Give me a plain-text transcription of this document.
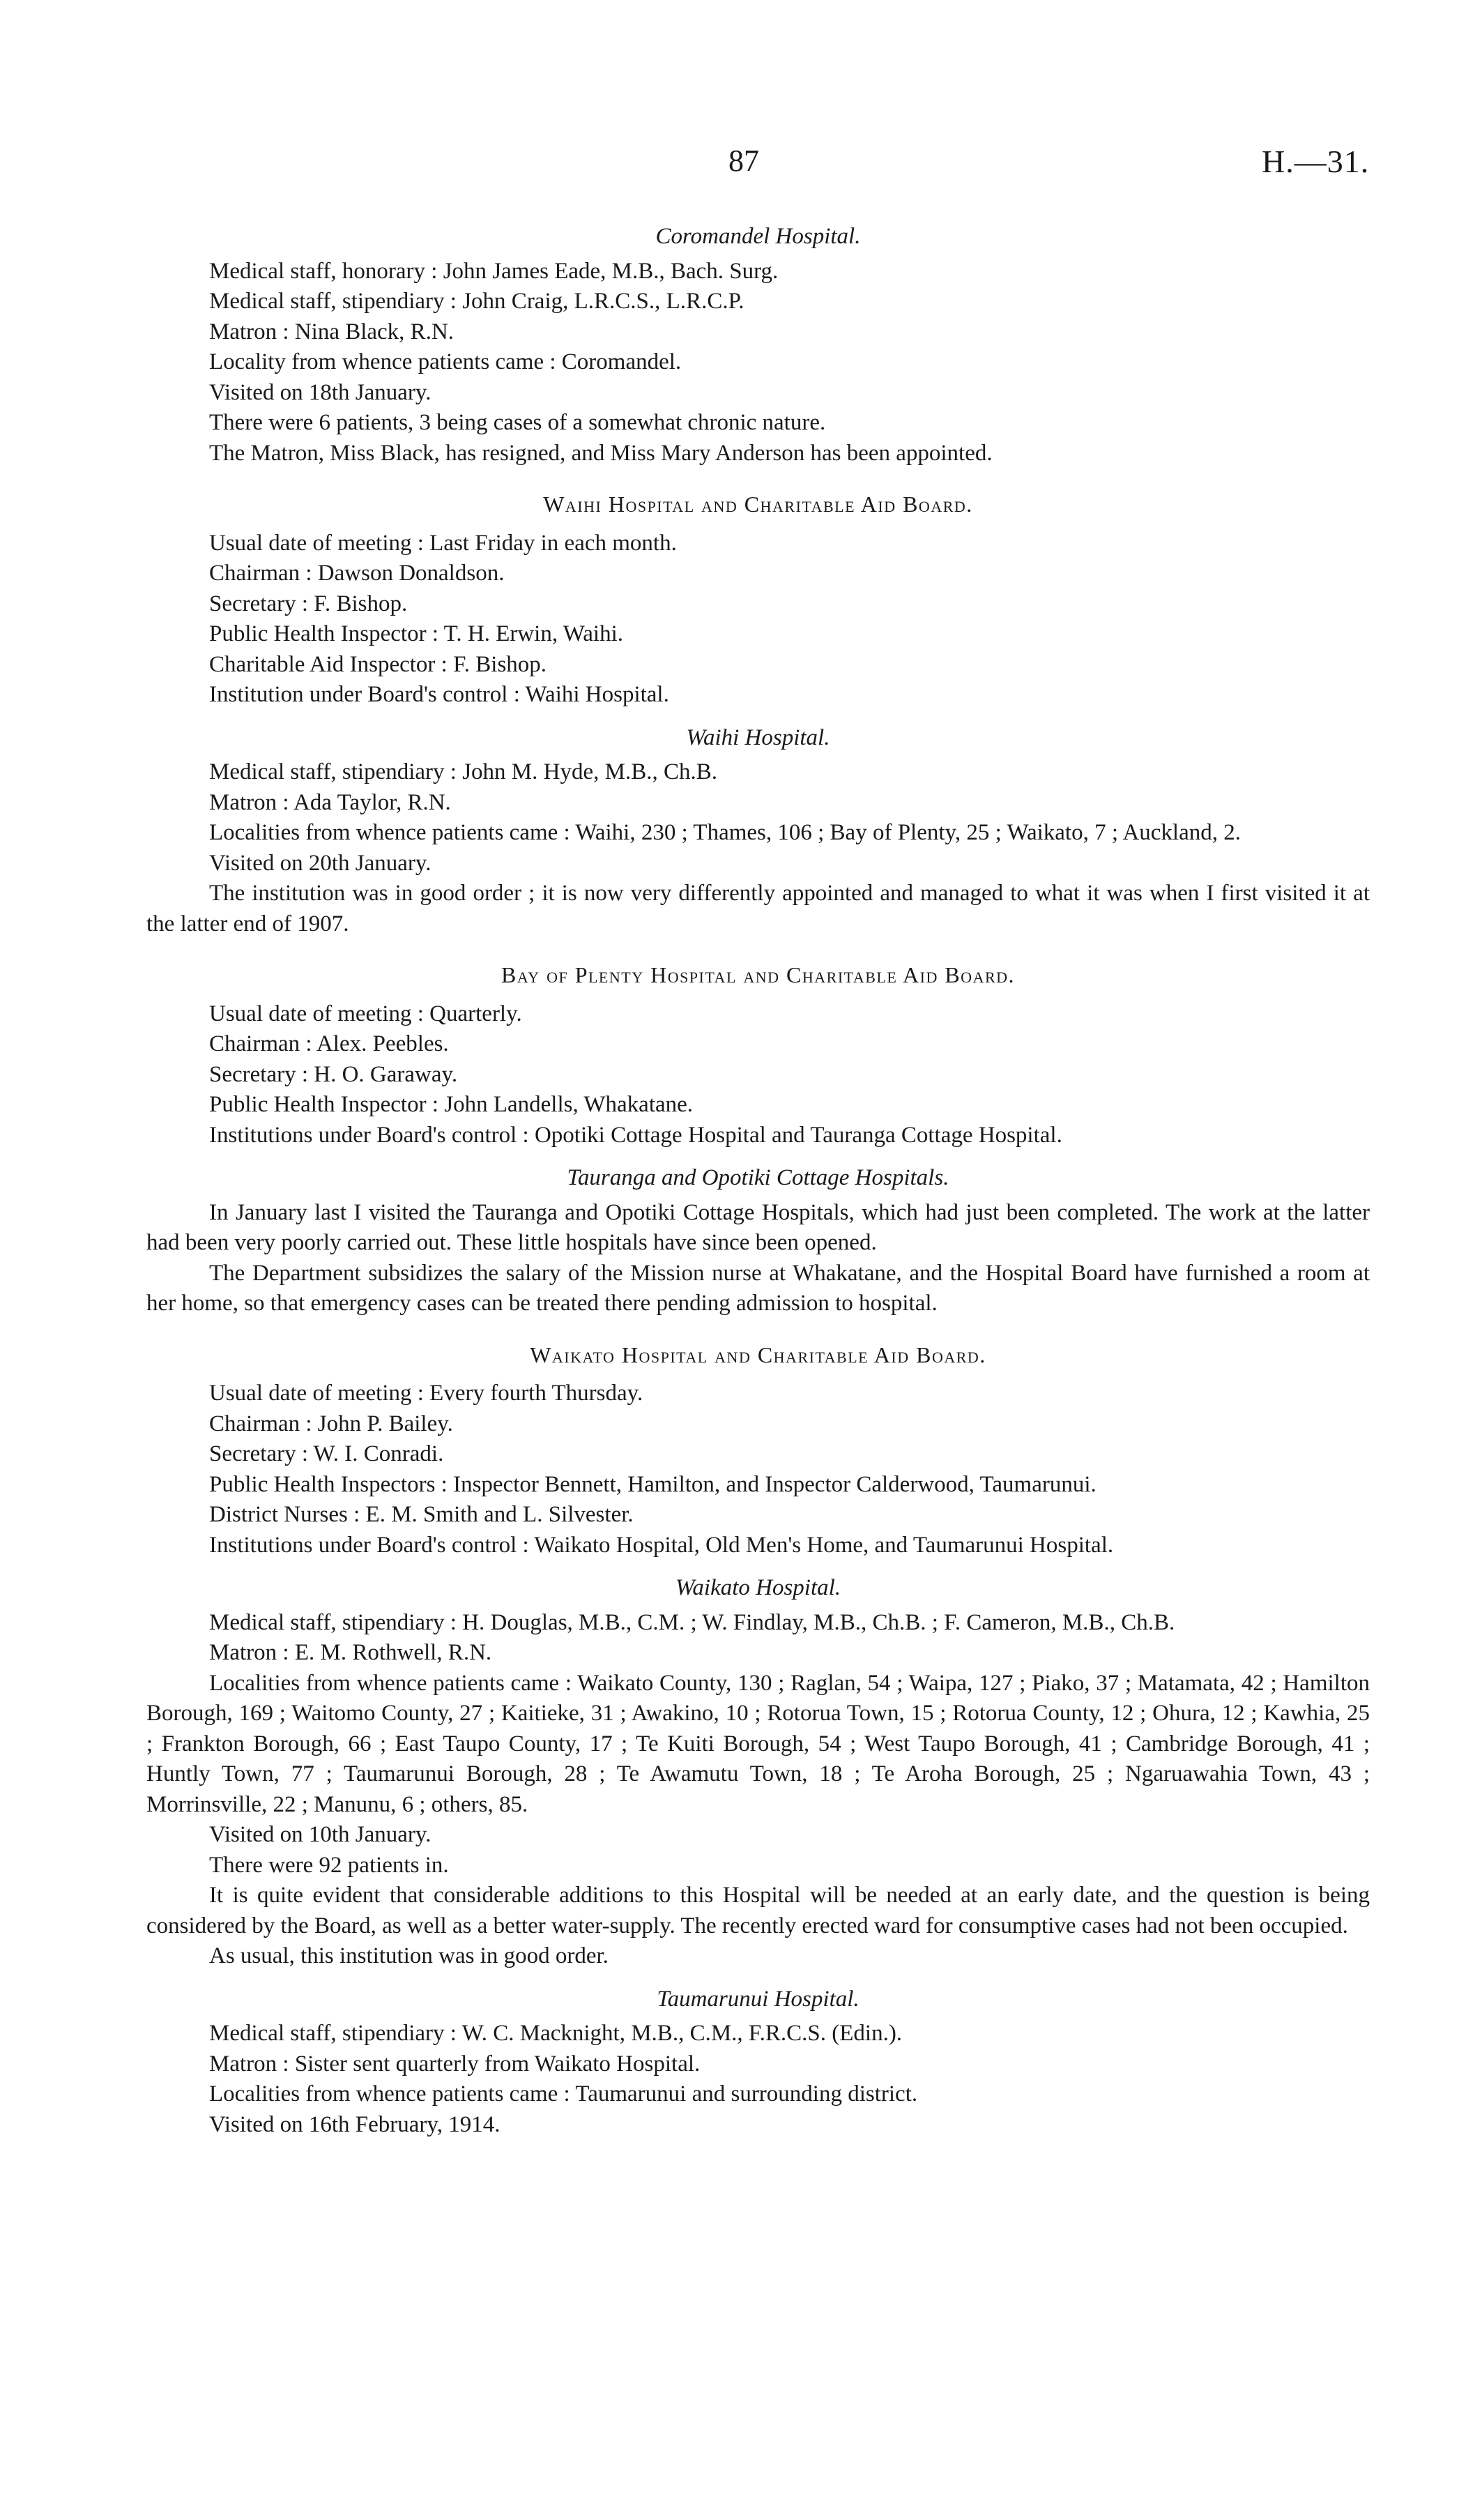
87	H.—31.
Coromandel Hospital.
Medical staff, honorary : John James Eade, M.B., Bach. Surg.
Medical staff, stipendiary : John Craig, L.R.C.S., L.R.C.P.
Matron : Nina Black, R.N.
Locality from whence patients came : Coromandel.
Visited on 18th January.
There were 6 patients, 3 being cases of a somewhat chronic nature.
The Matron, Miss Black, has resigned, and Miss Mary Anderson has been appointed.
Waihi Hospital and Charitable Aid Board.
Usual date of meeting : Last Friday in each month.
Chairman : Dawson Donaldson.
Secretary : F. Bishop.
Public Health Inspector : T. H. Erwin, Waihi.
Charitable Aid Inspector : F. Bishop.
Institution under Board's control : Waihi Hospital.
Waihi Hospital.
Medical staff, stipendiary : John M. Hyde, M.B., Ch.B.
Matron : Ada Taylor, R.N.
Localities from whence patients came : Waihi, 230 ; Thames, 106 ; Bay of Plenty, 25 ; Waikato, 7 ; Auckland, 2.
Visited on 20th January.
The institution was in good order ; it is now very differently appointed and managed to what it was when I first visited it at the latter end of 1907.
Bay of Plenty Hospital and Charitable Aid Board.
Usual date of meeting : Quarterly.
Chairman : Alex. Peebles.
Secretary : H. O. Garaway.
Public Health Inspector : John Landells, Whakatane.
Institutions under Board's control : Opotiki Cottage Hospital and Tauranga Cottage Hospital.
Tauranga and Opotiki Cottage Hospitals.
In January last I visited the Tauranga and Opotiki Cottage Hospitals, which had just been completed. The work at the latter had been very poorly carried out. These little hospitals have since been opened.
The Department subsidizes the salary of the Mission nurse at Whakatane, and the Hospital Board have furnished a room at her home, so that emergency cases can be treated there pending admission to hospital.
Waikato Hospital and Charitable Aid Board.
Usual date of meeting : Every fourth Thursday.
Chairman : John P. Bailey.
Secretary : W. I. Conradi.
Public Health Inspectors : Inspector Bennett, Hamilton, and Inspector Calderwood, Taumarunui.
District Nurses : E. M. Smith and L. Silvester.
Institutions under Board's control : Waikato Hospital, Old Men's Home, and Taumarunui Hospital.
Waikato Hospital.
Medical staff, stipendiary : H. Douglas, M.B., C.M. ; W. Findlay, M.B., Ch.B. ; F. Cameron, M.B., Ch.B.
Matron : E. M. Rothwell, R.N.
Localities from whence patients came : Waikato County, 130 ; Raglan, 54 ; Waipa, 127 ; Piako, 37 ; Matamata, 42 ; Hamilton Borough, 169 ; Waitomo County, 27 ; Kaitieke, 31 ; Awakino, 10 ; Rotorua Town, 15 ; Rotorua County, 12 ; Ohura, 12 ; Kawhia, 25 ; Frankton Borough, 66 ; East Taupo County, 17 ; Te Kuiti Borough, 54 ; West Taupo Borough, 41 ; Cambridge Borough, 41 ; Huntly Town, 77 ; Taumarunui Borough, 28 ; Te Awamutu Town, 18 ; Te Aroha Borough, 25 ; Ngaruawahia Town, 43 ; Morrinsville, 22 ; Manunu, 6 ; others, 85.
Visited on 10th January.
There were 92 patients in.
It is quite evident that considerable additions to this Hospital will be needed at an early date, and the question is being considered by the Board, as well as a better water-supply. The recently erected ward for consumptive cases had not been occupied.
As usual, this institution was in good order.
Taumarunui Hospital.
Medical staff, stipendiary : W. C. Macknight, M.B., C.M., F.R.C.S. (Edin.).
Matron : Sister sent quarterly from Waikato Hospital.
Localities from whence patients came : Taumarunui and surrounding district.
Visited on 16th February, 1914.
